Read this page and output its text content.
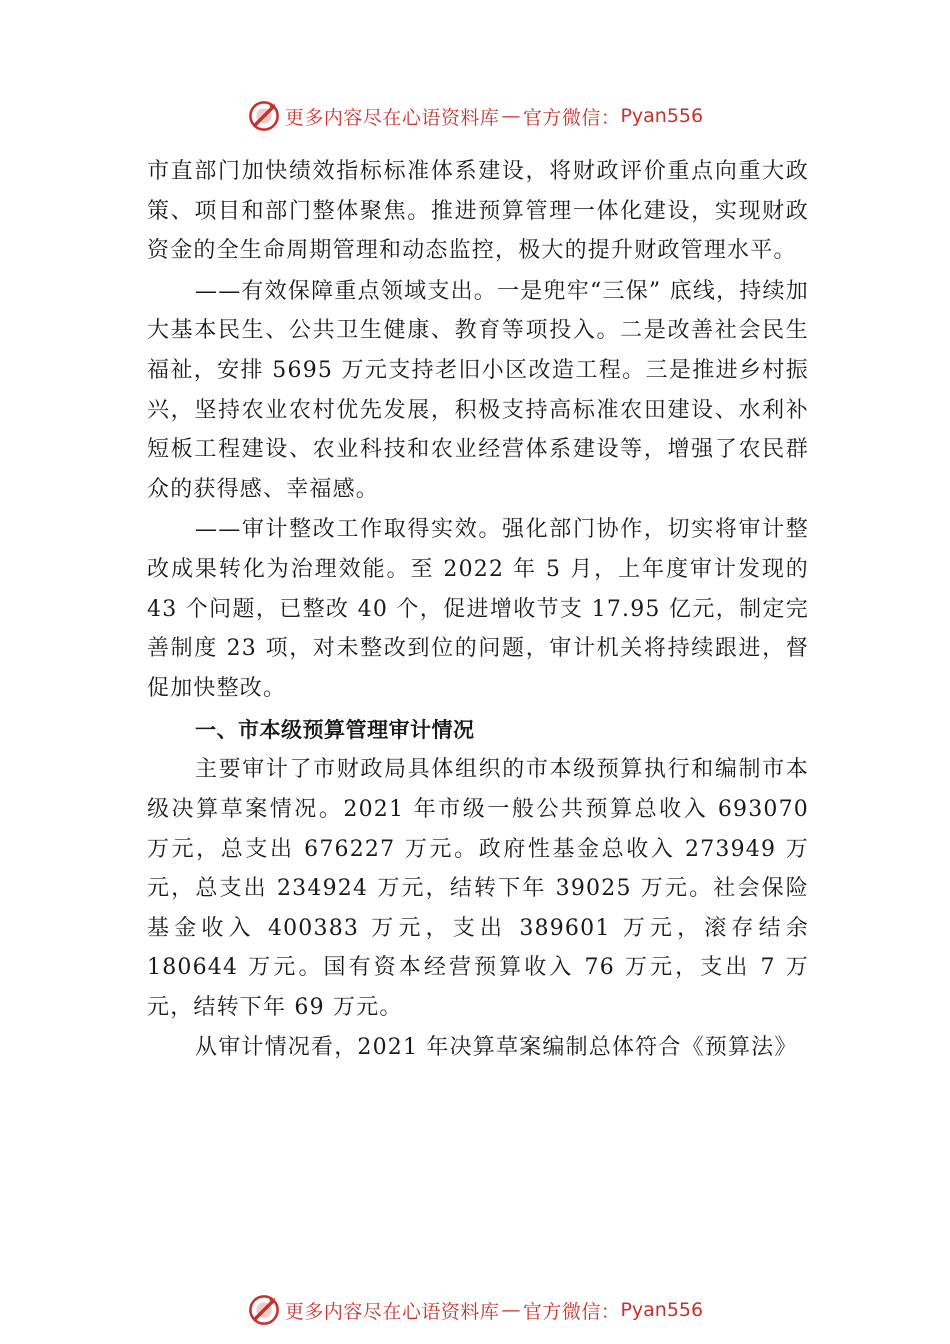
更多内容尽在心语资料库 — 官方微信： Pyan556

市直部门加快绩效指标标准体系建设，将财政评价重点向重大政策、项目和部门整体聚焦。推进预算管理一体化建设，实现财政资金的全生命周期管理和动态监控，极大的提升财政管理水平。

——有效保障重点领域支出。一是兜牢“三保” 底线，持续加大基本民生、公共卫生健康、教育等项投入。二是改善社会民生福祉，安排 5695 万元支持老旧小区改造工程。三是推进乡村振兴，坚持农业农村优先发展，积极支持高标准农田建设、水利补短板工程建设、农业科技和农业经营体系建设等，增强了农民群众的获得感、幸福感。

——审计整改工作取得实效。强化部门协作，切实将审计整改成果转化为治理效能。至 2022 年 5 月，上年度审计发现的 43 个问题，已整改 40 个，促进增收节支 17.95 亿元，制定完善制度 23 项，对未整改到位的问题，审计机关将持续跟进，督促加快整改。

一、市本级预算管理审计情况

主要审计了市财政局具体组织的市本级预算执行和编制市本级决算草案情况。2021 年市级一般公共预算总收入 693070 万元，总支出 676227 万元。政府性基金总收入 273949 万元，总支出 234924 万元，结转下年 39025 万元。社会保险基金收入 400383 万元，支出 389601 万元，滚存结余 180644 万元。国有资本经营预算收入 76 万元，支出 7 万元，结转下年 69 万元。

从审计情况看，2021 年决算草案编制总体符合《预算法》

更多内容尽在心语资料库 — 官方微信： Pyan556
